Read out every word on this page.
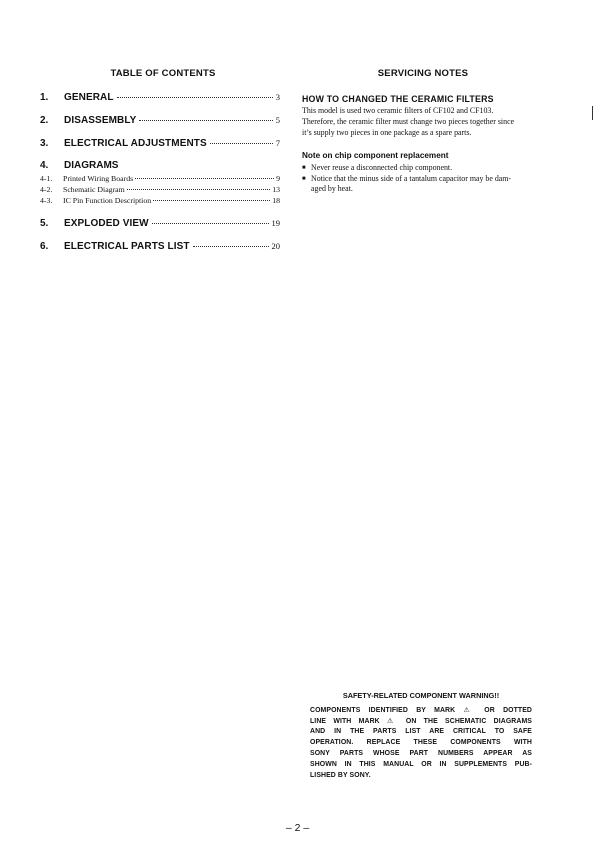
TABLE OF CONTENTS
1.	GENERAL	3
2.	DISASSEMBLY	5
3.	ELECTRICAL ADJUSTMENTS	7
4. DIAGRAMS
4-1.	Printed Wiring Boards	9
4-2.	Schematic Diagram	13
4-3.	IC Pin Function Description	18
5.	EXPLODED VIEW	19
6.	ELECTRICAL PARTS LIST	20
SERVICING NOTES
HOW TO CHANGED THE CERAMIC FILTERS
This model is used two ceramic filters of CF102 and CF103.
Therefore, the ceramic filter must change two pieces together since
it’s supply two pieces in one package as a spare parts.
Note on chip component replacement
■ Never reuse a disconnected chip component.
■ Notice that the minus side of a tantalum capacitor may be dam-
aged by heat.
SAFETY-RELATED COMPONENT WARNING!!
COMPONENTS IDENTIFIED BY MARK ⚠ OR DOTTED
LINE WITH MARK ⚠ ON THE SCHEMATIC DIAGRAMS
AND IN THE PARTS LIST ARE CRITICAL TO SAFE
OPERATION. REPLACE THESE COMPONENTS WITH
SONY PARTS WHOSE PART NUMBERS APPEAR AS
SHOWN IN THIS MANUAL OR IN SUPPLEMENTS PUB-
LISHED BY SONY.
– 2 –
